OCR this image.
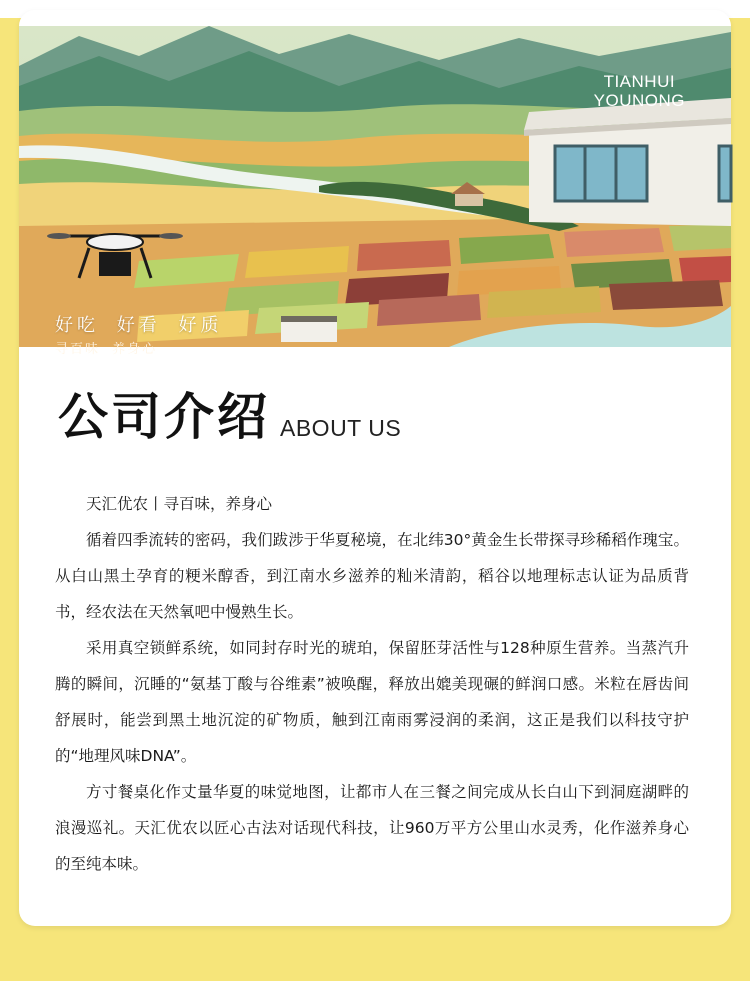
TIANHUI
YOUNONG
好吃 好看 好质
寻百味 养身心
公司介绍 ABOUT US

天汇优农丨寻百味，养身心

循着四季流转的密码，我们跋涉于华夏秘境，在北纬30°黄金生长带探寻珍稀稻作瑰宝。从白山黑土孕育的粳米醇香，到江南水乡滋养的籼米清韵，稻谷以地理标志认证为品质背书，经农法在天然氧吧中慢熟生长。

采用真空锁鲜系统，如同封存时光的琥珀，保留胚芽活性与128种原生营养。当蒸汽升腾的瞬间，沉睡的“氨基丁酸与谷维素”被唤醒，释放出媲美现碾的鲜润口感。米粒在唇齿间舒展时，能尝到黑土地沉淀的矿物质，触到江南雨雾浸润的柔润，这正是我们以科技守护的“地理风味DNA”。

方寸餐桌化作丈量华夏的味觉地图，让都市人在三餐之间完成从长白山下到洞庭湖畔的浪漫巡礼。天汇优农以匠心古法对话现代科技，让960万平方公里山水灵秀，化作滋养身心的至纯本味。
